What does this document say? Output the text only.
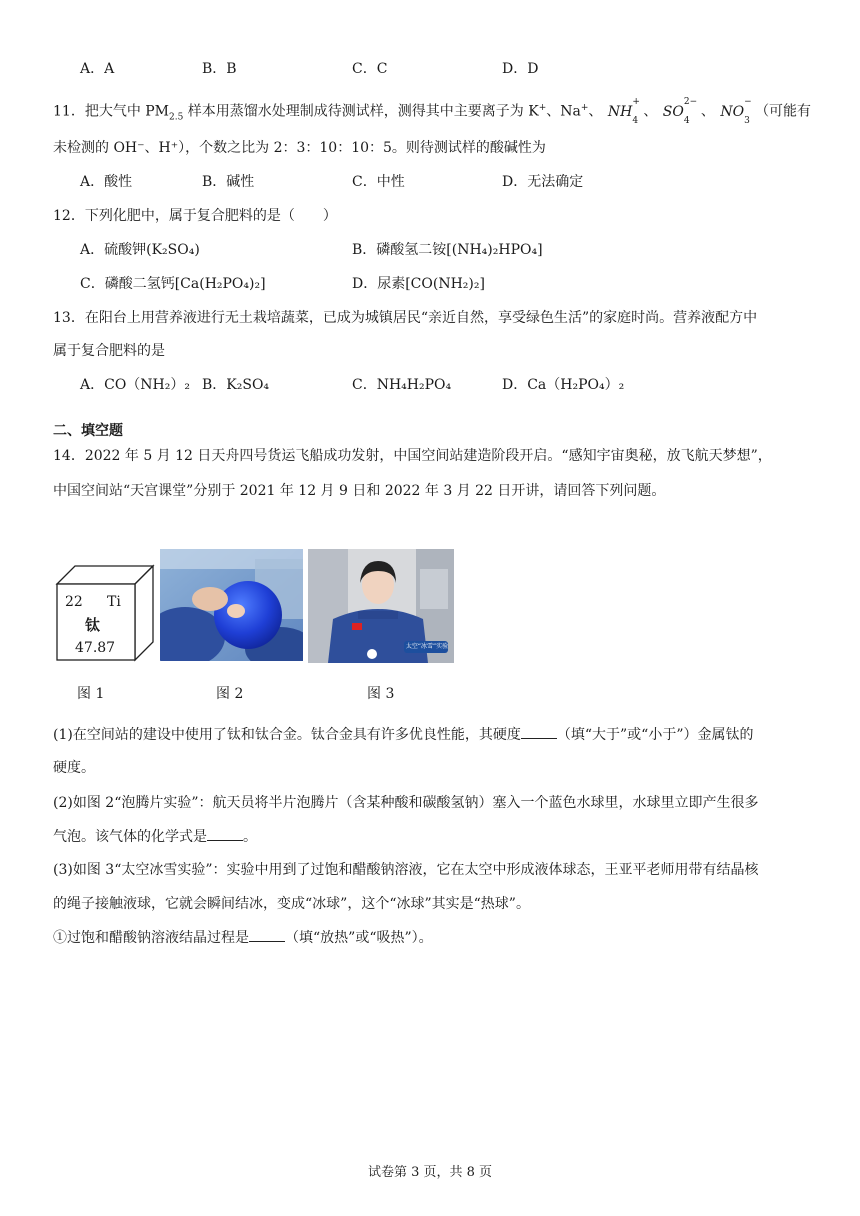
A．A	B．B	C．C	D．D
11．把大气中 $PM_{2.5}$ 样本用蒸馏水处理制成待测试样，测得其中主要离子为 K+、Na+、 NH
+
4
、 SO
2−
4
、 NO
−
3
（可能有
未检测的 OH⁻、H⁺），个数之比为 2：3：10：10：5。则待测试样的酸碱性为
A．酸性	B．碱性	C．中性	D．无法确定
12．下列化肥中，属于复合肥料的是（　　）
A．硫酸钾(K₂SO₄)	B．磷酸氢二铵[(NH₄)₂HPO₄]
C．磷酸二氢钙[Ca(H₂PO₄)₂]	D．尿素[CO(NH₂)₂]
13．在阳台上用营养液进行无土栽培蔬菜，已成为城镇居民“亲近自然，享受绿色生活”的家庭时尚。营养液配方中
属于复合肥料的是
A．CO（NH₂）₂ B．K₂SO₄	C．NH₄H₂PO₄	D．Ca（H₂PO₄）₂
二、填空题
14．2022 年 5 月 12 日天舟四号货运飞船成功发射，中国空间站建造阶段开启。“感知宇宙奥秘，放飞航天梦想”，
中国空间站“天宫课堂”分别于 2021 年 12 月 9 日和 2022 年 3 月 22 日开讲，请回答下列问题。
22 Ti
钛
47.87	太空“冰雪”实验
图 1	图 2	图 3
(1)在空间站的建设中使用了钛和钛合金。钛合金具有许多优良性能，其硬度	（填“大于”或“小于”）金属钛的
硬度。
(2)如图 2“泡腾片实验”：航天员将半片泡腾片（含某种酸和碳酸氢钠）塞入一个蓝色水球里，水球里立即产生很多
气泡。该气体的化学式是	。
(3)如图 3“太空冰雪实验”：实验中用到了过饱和醋酸钠溶液，它在太空中形成液体球态，王亚平老师用带有结晶核
的绳子接触液球，它就会瞬间结冰，变成“冰球”，这个“冰球”其实是“热球”。
①过饱和醋酸钠溶液结晶过程是	（填“放热”或“吸热”）。
试卷第 3 页，共 8 页
